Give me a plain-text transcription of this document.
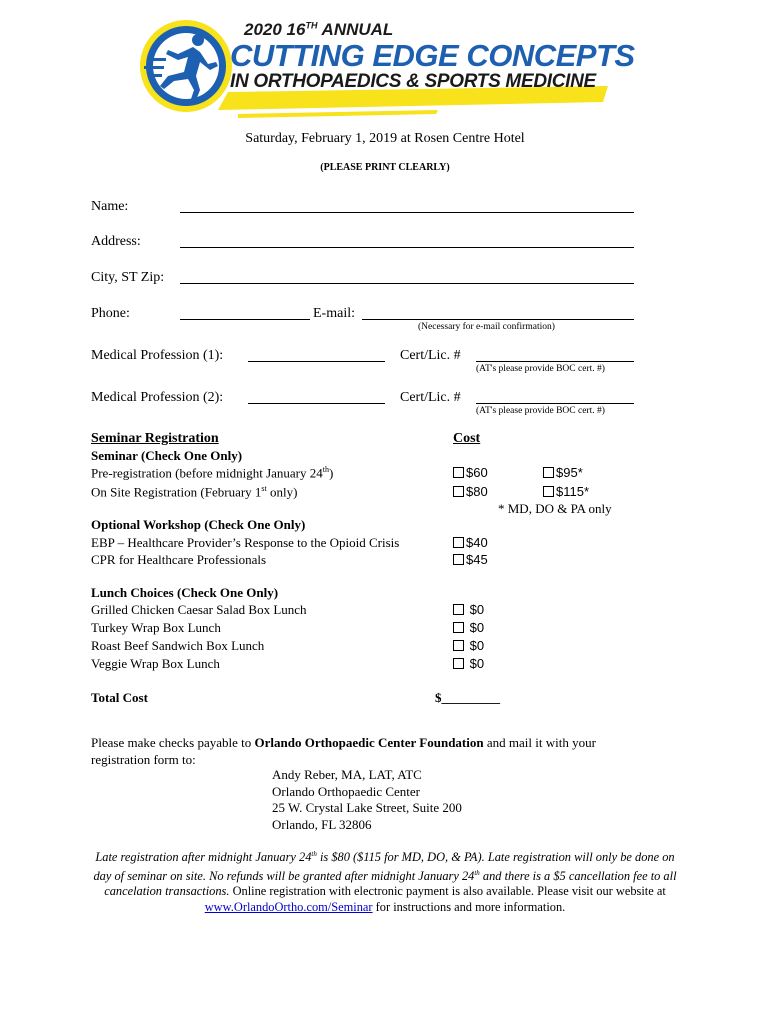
2020 16TH ANNUAL
CUTTING EDGE CONCEPTS
IN ORTHOPAEDICS & SPORTS MEDICINE
Saturday, February 1, 2019 at Rosen Centre Hotel
(PLEASE PRINT CLEARLY)
Name:
Address:
City, ST Zip:
Phone:	E-mail:
(Necessary for e-mail confirmation)
Medical Profession (1):	Cert/Lic. #
(AT's please provide BOC cert. #)
Medical Profession (2):	Cert/Lic. #
(AT's please provide BOC cert. #)
Seminar Registration	Cost
Seminar (Check One Only)
Pre-registration (before midnight January 24th)	$60	$95*
On Site Registration (February 1st only)	$80	$115*
* MD, DO & PA only
Optional Workshop (Check One Only)
EBP – Healthcare Provider’s Response to the Opioid Crisis	$40
CPR for Healthcare Professionals	$45
Lunch Choices (Check One Only)
Grilled Chicken Caesar Salad Box Lunch	$0
Turkey Wrap Box Lunch	$0
Roast Beef Sandwich Box Lunch	$0
Veggie Wrap Box Lunch	$0
Total Cost	$_________
Please make checks payable to Orlando Orthopaedic Center Foundation and mail it with your registration form to:
Andy Reber, MA, LAT, ATC
Orlando Orthopaedic Center
25 W. Crystal Lake Street, Suite 200
Orlando, FL 32806
Late registration after midnight January 24th is $80 ($115 for MD, DO, & PA). Late registration will only be done on day of seminar on site. No refunds will be granted after midnight January 24th and there is a $5 cancellation fee to all cancelation transactions. Online registration with electronic payment is also available. Please visit our website at www.OrlandoOrtho.com/Seminar for instructions and more information.
